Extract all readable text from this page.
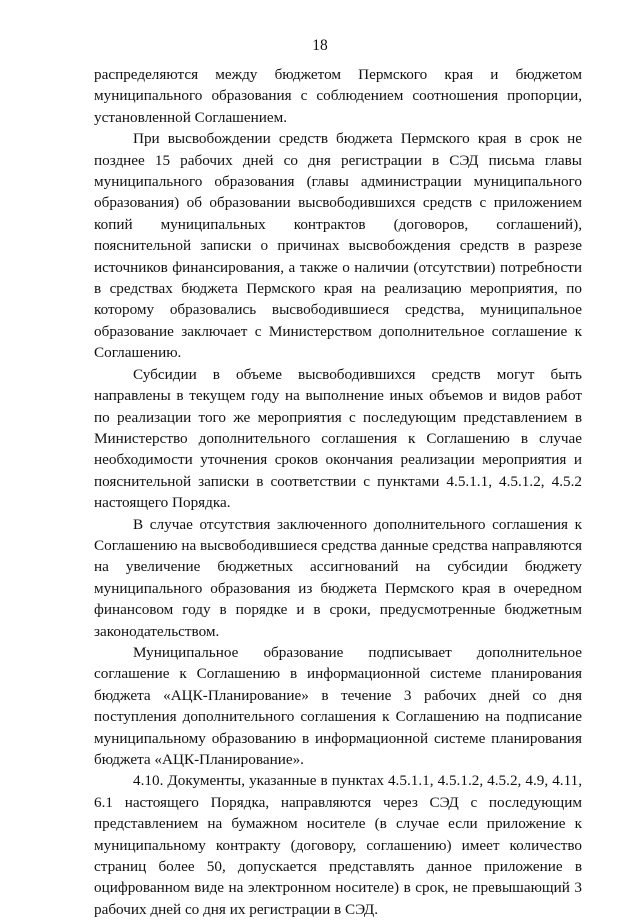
18

распределяются между бюджетом Пермского края и бюджетом муниципального образования с соблюдением соотношения пропорции, установленной Соглашением.

При высвобождении средств бюджета Пермского края в срок не позднее 15 рабочих дней со дня регистрации в СЭД письма главы муниципального образования (главы администрации муниципального образования) об образовании высвободившихся средств с приложением копий муниципальных контрактов (договоров, соглашений), пояснительной записки о причинах высвобождения средств в разрезе источников финансирования, а также о наличии (отсутствии) потребности в средствах бюджета Пермского края на реализацию мероприятия, по которому образовались высвободившиеся средства, муниципальное образование заключает с Министерством дополнительное соглашение к Соглашению.

Субсидии в объеме высвободившихся средств могут быть направлены в текущем году на выполнение иных объемов и видов работ по реализации того же мероприятия с последующим представлением в Министерство дополнительного соглашения к Соглашению в случае необходимости уточнения сроков окончания реализации мероприятия и пояснительной записки в соответствии с пунктами 4.5.1.1, 4.5.1.2, 4.5.2 настоящего Порядка.

В случае отсутствия заключенного дополнительного соглашения к Соглашению на высвободившиеся средства данные средства направляются на увеличение бюджетных ассигнований на субсидии бюджету муниципального образования из бюджета Пермского края в очередном финансовом году в порядке и в сроки, предусмотренные бюджетным законодательством.

Муниципальное образование подписывает дополнительное соглашение к Соглашению в информационной системе планирования бюджета «АЦК-Планирование» в течение 3 рабочих дней со дня поступления дополнительного соглашения к Соглашению на подписание муниципальному образованию в информационной системе планирования бюджета «АЦК-Планирование».

4.10. Документы, указанные в пунктах 4.5.1.1, 4.5.1.2, 4.5.2, 4.9, 4.11, 6.1 настоящего Порядка, направляются через СЭД с последующим представлением на бумажном носителе (в случае если приложение к муниципальному контракту (договору, соглашению) имеет количество страниц более 50, допускается представлять данное приложение в оцифрованном виде на электронном носителе) в срок, не превышающий 3 рабочих дней со дня их регистрации в СЭД.
